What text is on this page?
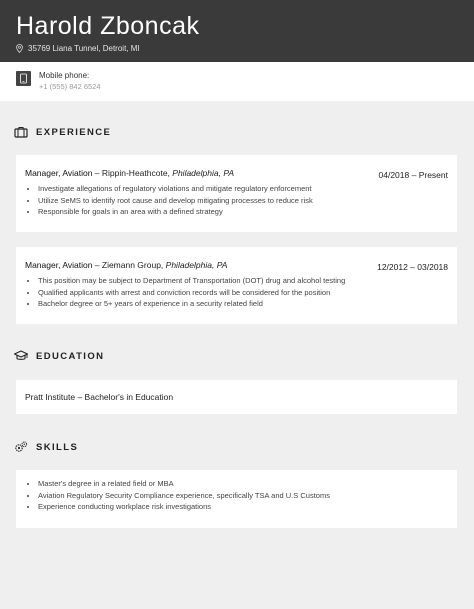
Harold Zboncak
35769 Liana Tunnel, Detroit, MI
Mobile phone:
+1 (555) 842 6524
EXPERIENCE
Manager, Aviation – Rippin-Heathcote, Philadelphia, PA	04/2018 – Present
• Investigate allegations of regulatory violations and mitigate regulatory enforcement
• Utilize SeMS to identify root cause and develop mitigating processes to reduce risk
• Responsible for goals in an area with a defined strategy
Manager, Aviation – Ziemann Group, Philadelphia, PA	12/2012 – 03/2018
• This position may be subject to Department of Transportation (DOT) drug and alcohol testing
• Qualified applicants with arrest and conviction records will be considered for the position
• Bachelor degree or 5+ years of experience in a security related field
EDUCATION
Pratt Institute – Bachelor's in Education
SKILLS
• Master's degree in a related field or MBA
• Aviation Regulatory Security Compliance experience, specifically TSA and U.S Customs
• Experience conducting workplace risk investigations
